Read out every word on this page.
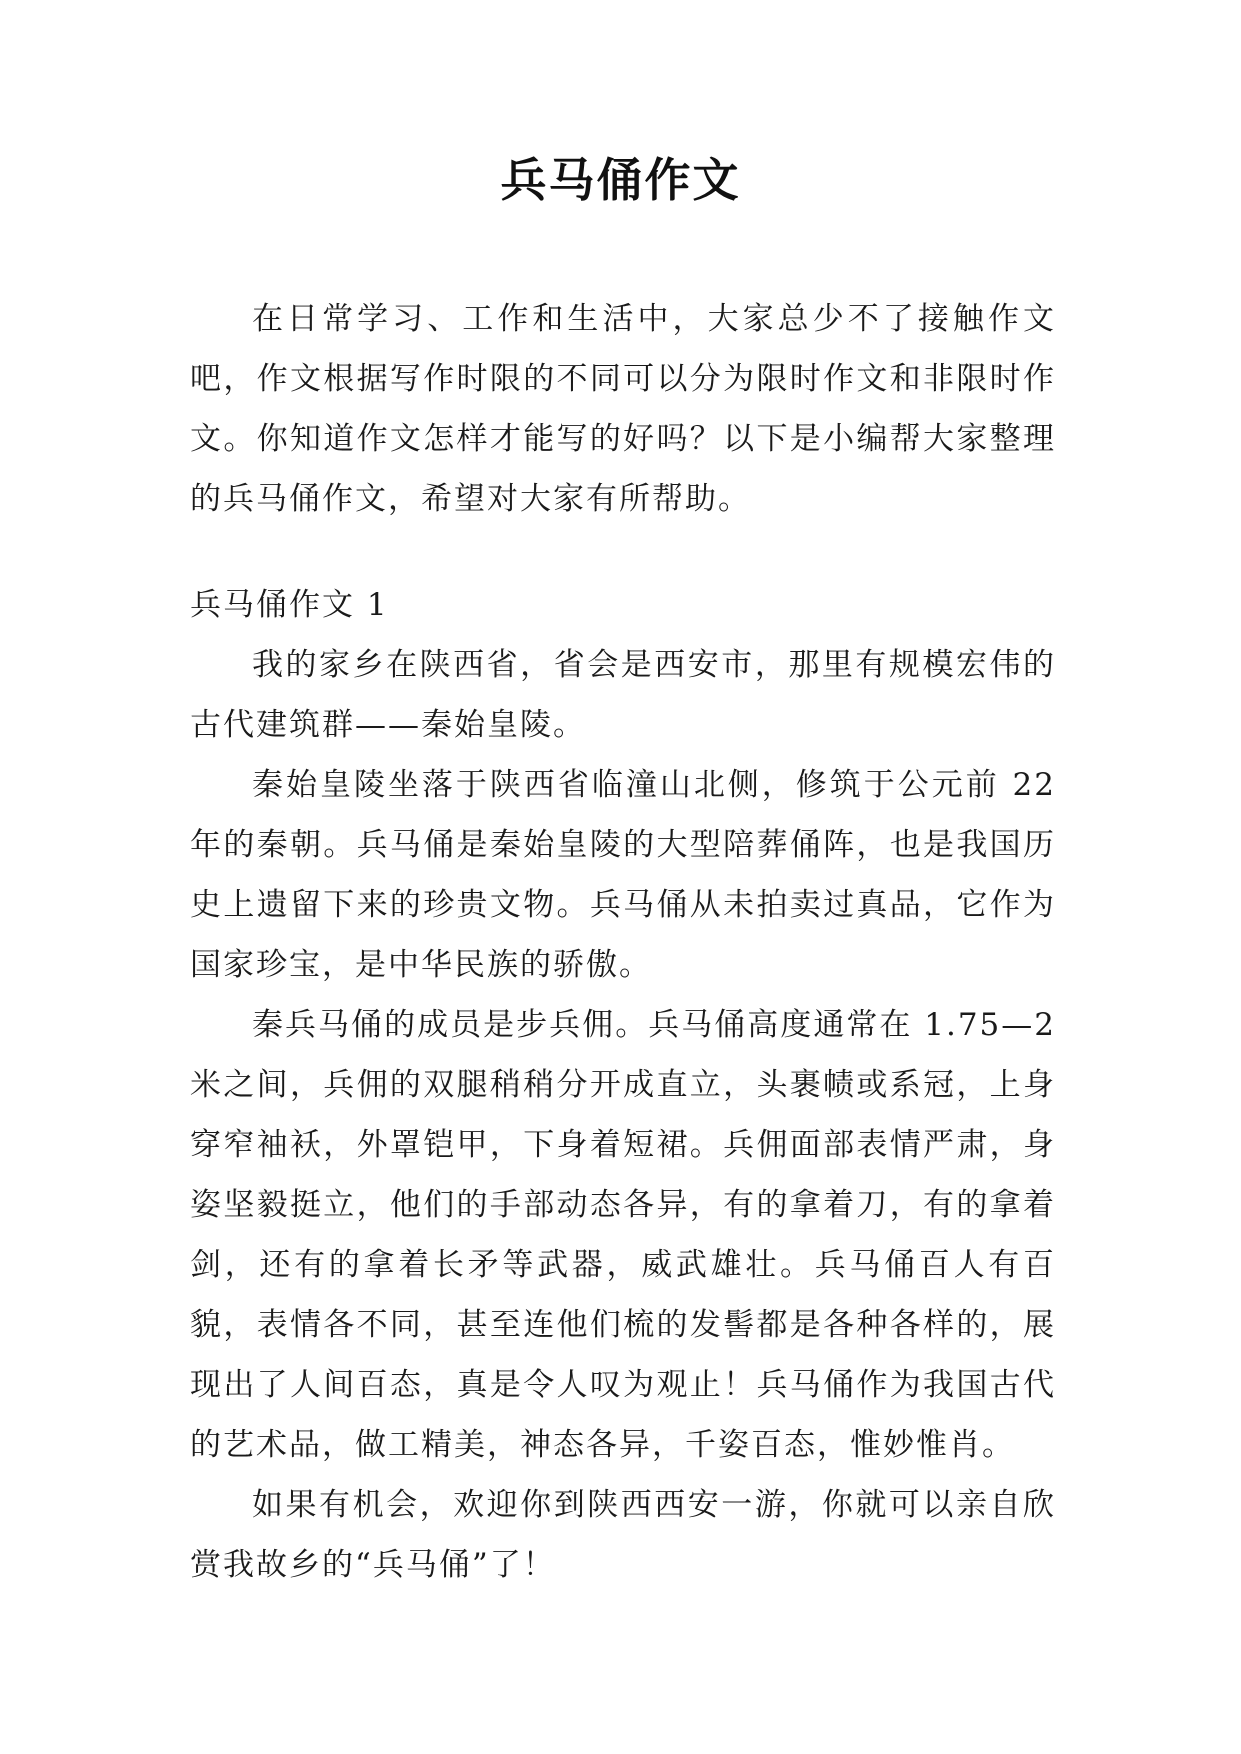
兵马俑作文

在日常学习、工作和生活中，大家总少不了接触作文吧，作文根据写作时限的不同可以分为限时作文和非限时作文。你知道作文怎样才能写的好吗？以下是小编帮大家整理的兵马俑作文，希望对大家有所帮助。

兵马俑作文 1

我的家乡在陕西省，省会是西安市，那里有规模宏伟的古代建筑群——秦始皇陵。

秦始皇陵坐落于陕西省临潼山北侧，修筑于公元前 22 年的秦朝。兵马俑是秦始皇陵的大型陪葬俑阵，也是我国历史上遗留下来的珍贵文物。兵马俑从未拍卖过真品，它作为国家珍宝，是中华民族的骄傲。

秦兵马俑的成员是步兵佣。兵马俑高度通常在 1.75—2 米之间，兵佣的双腿稍稍分开成直立，头裹帻或系冠，上身穿窄袖袄，外罩铠甲，下身着短裙。兵佣面部表情严肃，身姿坚毅挺立，他们的手部动态各异，有的拿着刀，有的拿着剑，还有的拿着长矛等武器，威武雄壮。兵马俑百人有百貌，表情各不同，甚至连他们梳的发髻都是各种各样的，展现出了人间百态，真是令人叹为观止！兵马俑作为我国古代的艺术品，做工精美，神态各异，千姿百态，惟妙惟肖。

如果有机会，欢迎你到陕西西安一游，你就可以亲自欣赏我故乡的“兵马俑”了！
